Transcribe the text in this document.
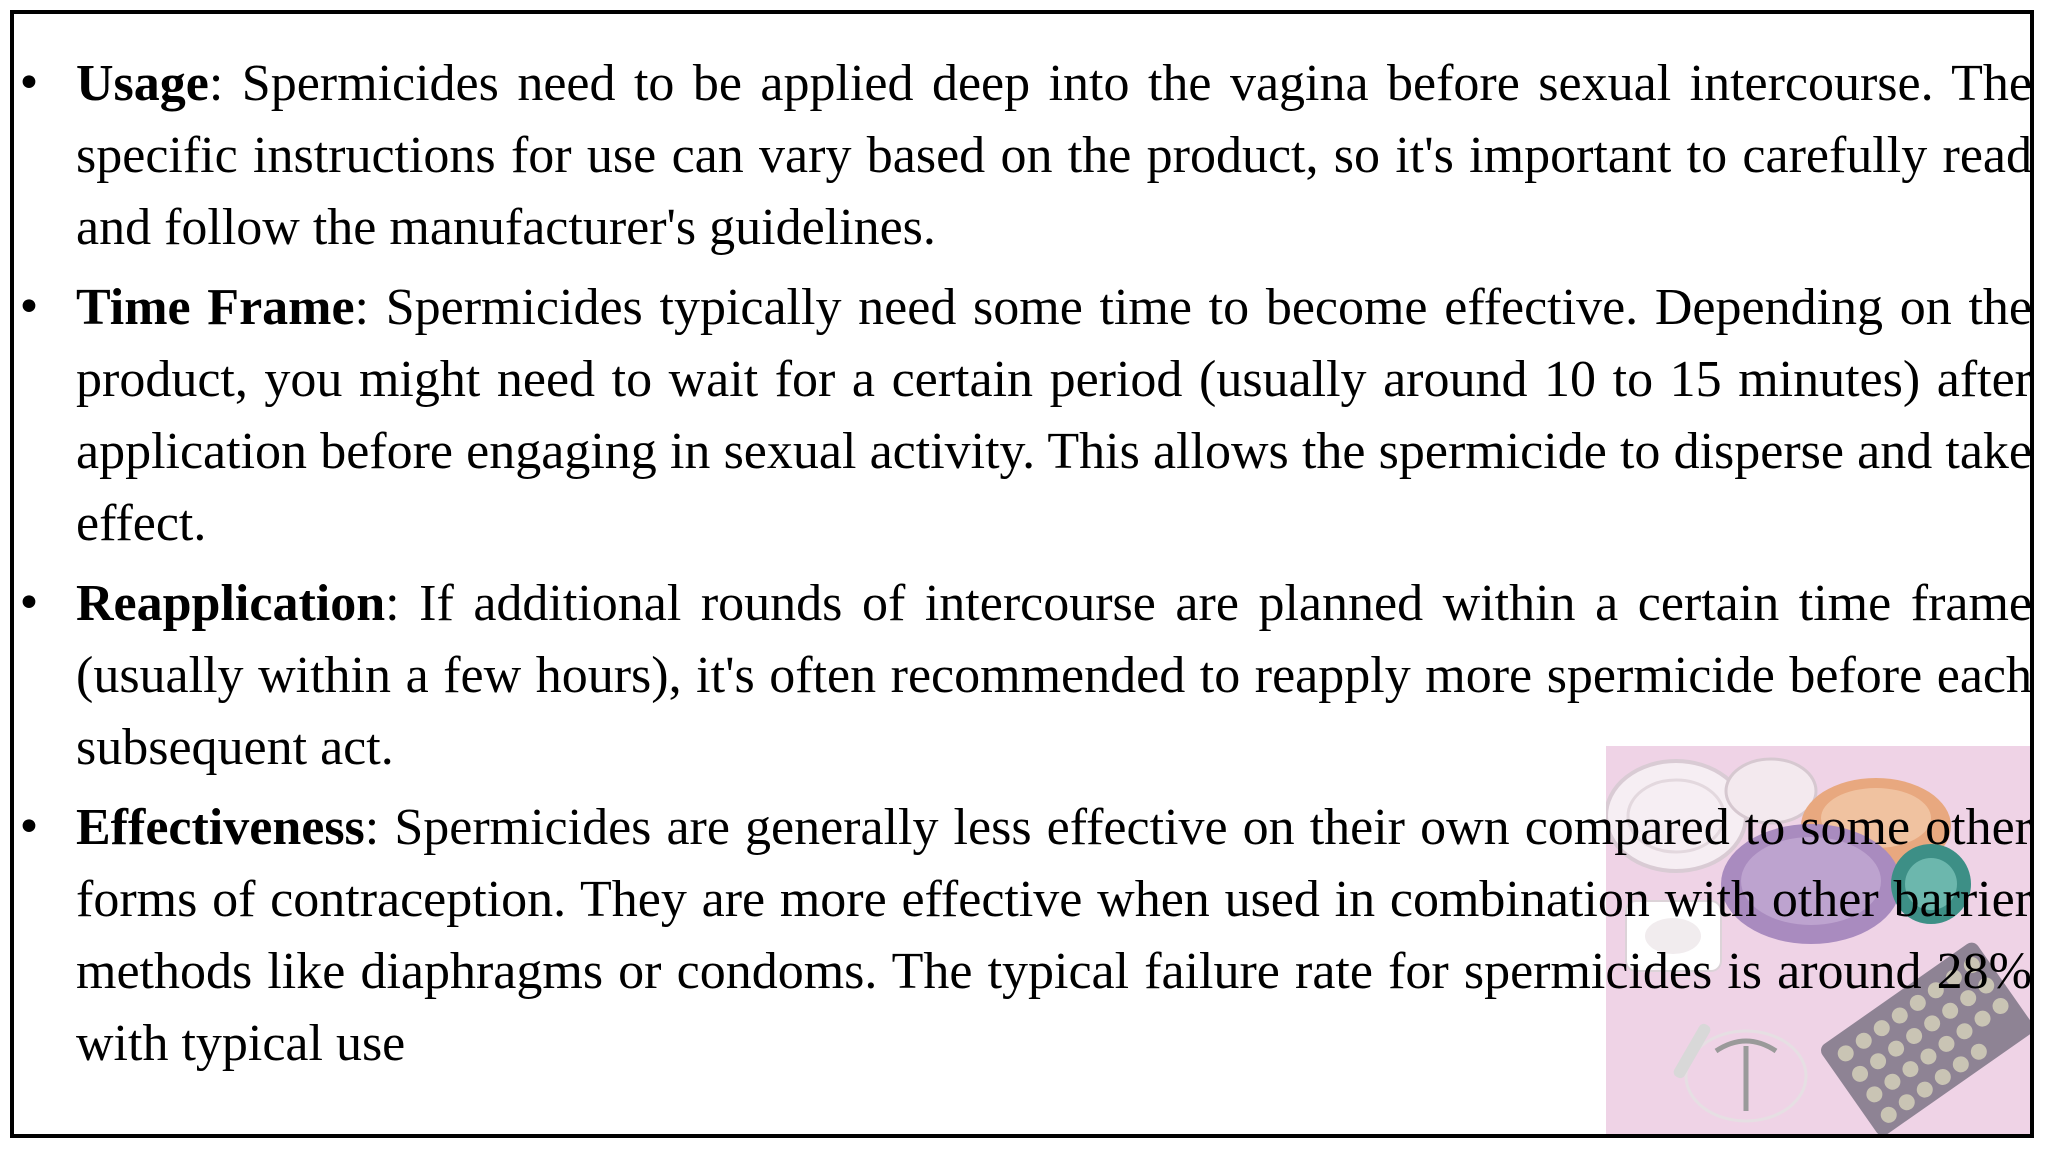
• Usage: Spermicides need to be applied deep into the vagina before sexual intercourse. The specific instructions for use can vary based on the product, so it's important to carefully read and follow the manufacturer's guidelines.
• Time Frame: Spermicides typically need some time to become effective. Depending on the product, you might need to wait for a certain period (usually around 10 to 15 minutes) after application before engaging in sexual activity. This allows the spermicide to disperse and take effect.
• Reapplication: If additional rounds of intercourse are planned within a certain time frame (usually within a few hours), it's often recommended to reapply more spermicide before each subsequent act.
• Effectiveness: Spermicides are generally less effective on their own compared to some other forms of contraception. They are more effective when used in combination with other barrier methods like diaphragms or condoms. The typical failure rate for spermicides is around 28% with typical use
